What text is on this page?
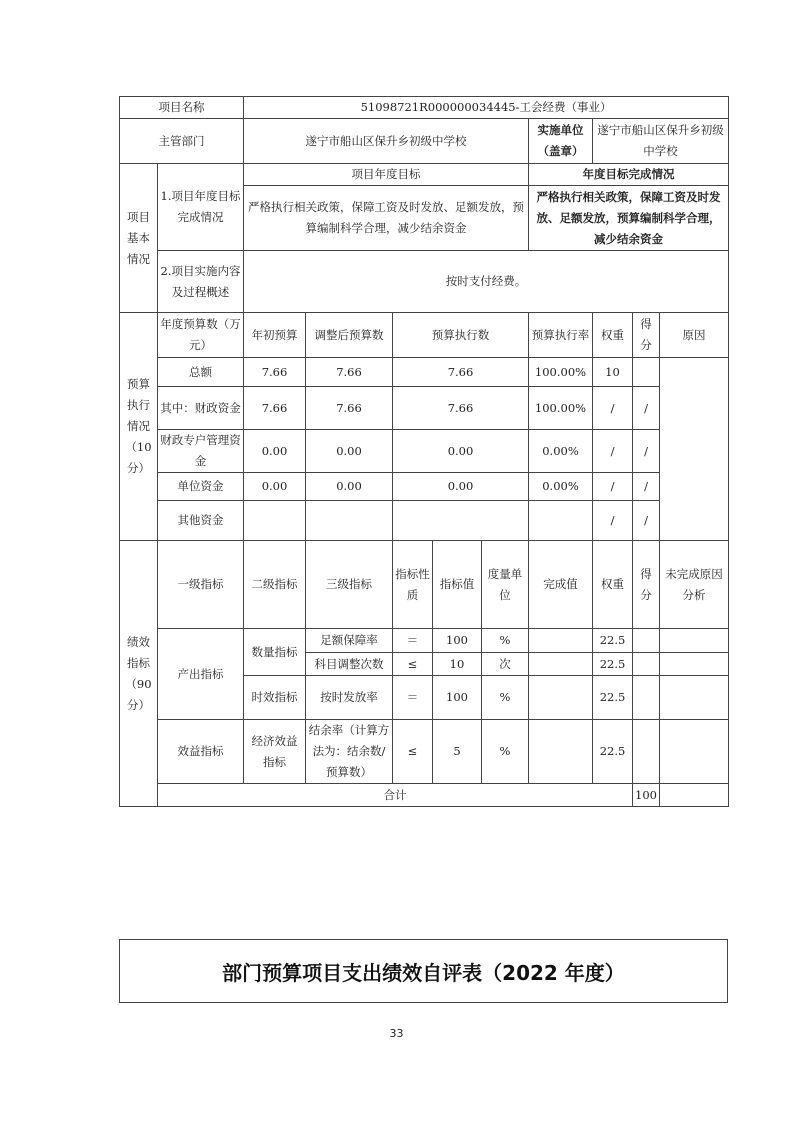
项目名称		51098721R000000034445-工会经费（事业）									
主管部门		遂宁市船山区保升乡初级中学校					实施单位（盖章）	遂宁市船山区保升乡初级中学校			
项目基本情况	1.项目年度目标完成情况	项目年度目标					年度目标完成情况				
		严格执行相关政策，保障工资及时发放、足额发放，预算编制科学合理，减少结余资金					严格执行相关政策，保障工资及时发放、足额发放，预算编制科学合理，减少结余资金				
	2.项目实施内容及过程概述	按时支付经费。									
预算执行情况（10分）	年度预算数（万元）	年初预算	调整后预算数	预算执行数			预算执行率	权重	得分	原因	
	总额	7.66	7.66	7.66			100.00%	10			
	其中：财政资金	7.66	7.66	7.66			100.00%	/	/		
	财政专户管理资金	0.00	0.00	0.00			0.00%	/	/		
	单位资金	0.00	0.00	0.00			0.00%	/	/		
	其他资金							/	/		
绩效指标（90分）	一级指标	二级指标	三级指标	指标性质	指标值	度量单位	完成值	权重	得分	未完成原因分析	
	产出指标	数量指标	足额保障率	＝	100	%		22.5			
			科目调整次数	≤	10	次		22.5			
		时效指标	按时发放率	＝	100	%		22.5			
	效益指标	经济效益指标	结余率（计算方法为：结余数/预算数）	≤	5	%		22.5			
	合计								100		
部门预算项目支出绩效自评表（2022 年度）
33
